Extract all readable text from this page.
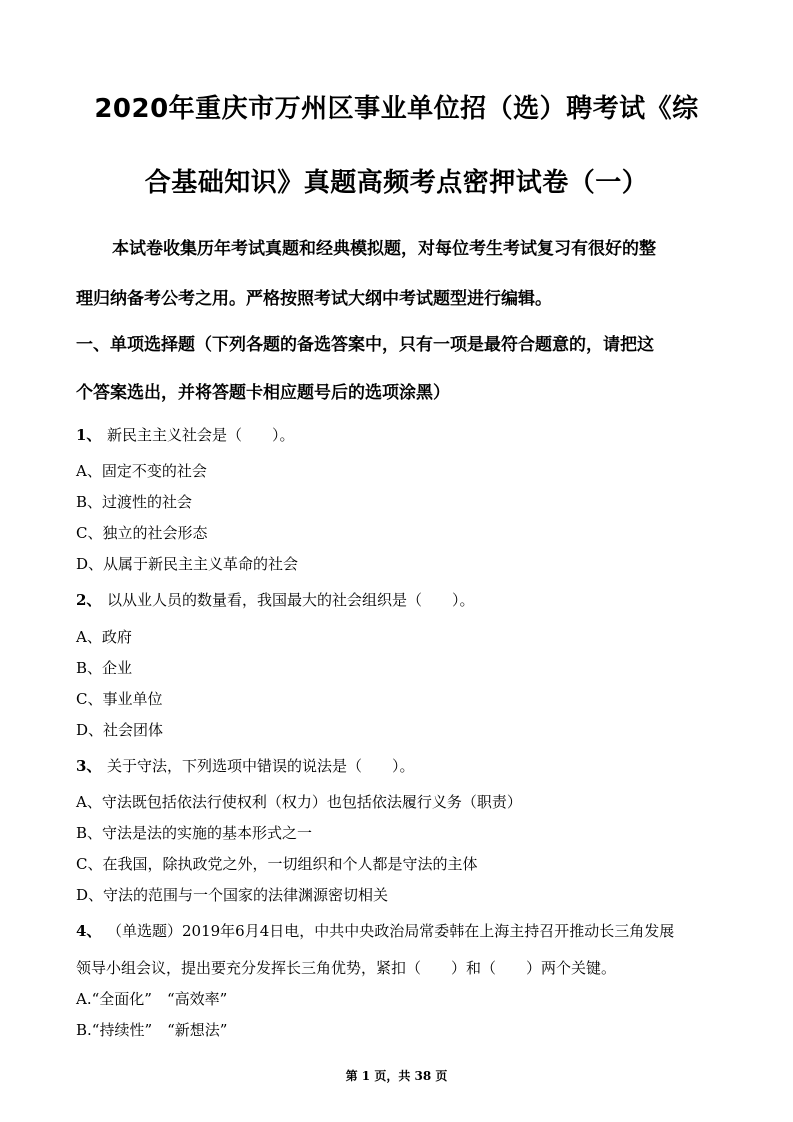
2020年重庆市万州区事业单位招（选）聘考试《综
合基础知识》真题高频考点密押试卷（一）
本试卷收集历年考试真题和经典模拟题，对每位考生考试复习有很好的整
理归纳备考公考之用。严格按照考试大纲中考试题型进行编辑。
一、单项选择题（下列各题的备选答案中，只有一项是最符合题意的，请把这
个答案选出，并将答题卡相应题号后的选项涂黑）
1、 新民主主义社会是（　　）。
A、固定不变的社会
B、过渡性的社会
C、独立的社会形态
D、从属于新民主主义革命的社会
2、 以从业人员的数量看，我国最大的社会组织是（　　）。
A、政府
B、企业
C、事业单位
D、社会团体
3、 关于守法，下列选项中错误的说法是（　　）。
A、守法既包括依法行使权利（权力）也包括依法履行义务（职责）
B、守法是法的实施的基本形式之一
C、在我国，除执政党之外，一切组织和个人都是守法的主体
D、守法的范围与一个国家的法律渊源密切相关
4、 （单选题）2019年6月4日电，中共中央政治局常委韩在上海主持召开推动长三角发展
领导小组会议，提出要充分发挥长三角优势，紧扣（　　）和（　　）两个关键。
A.“全面化”　“高效率”
B.“持续性”　“新想法”
第 1 页，共 38 页
